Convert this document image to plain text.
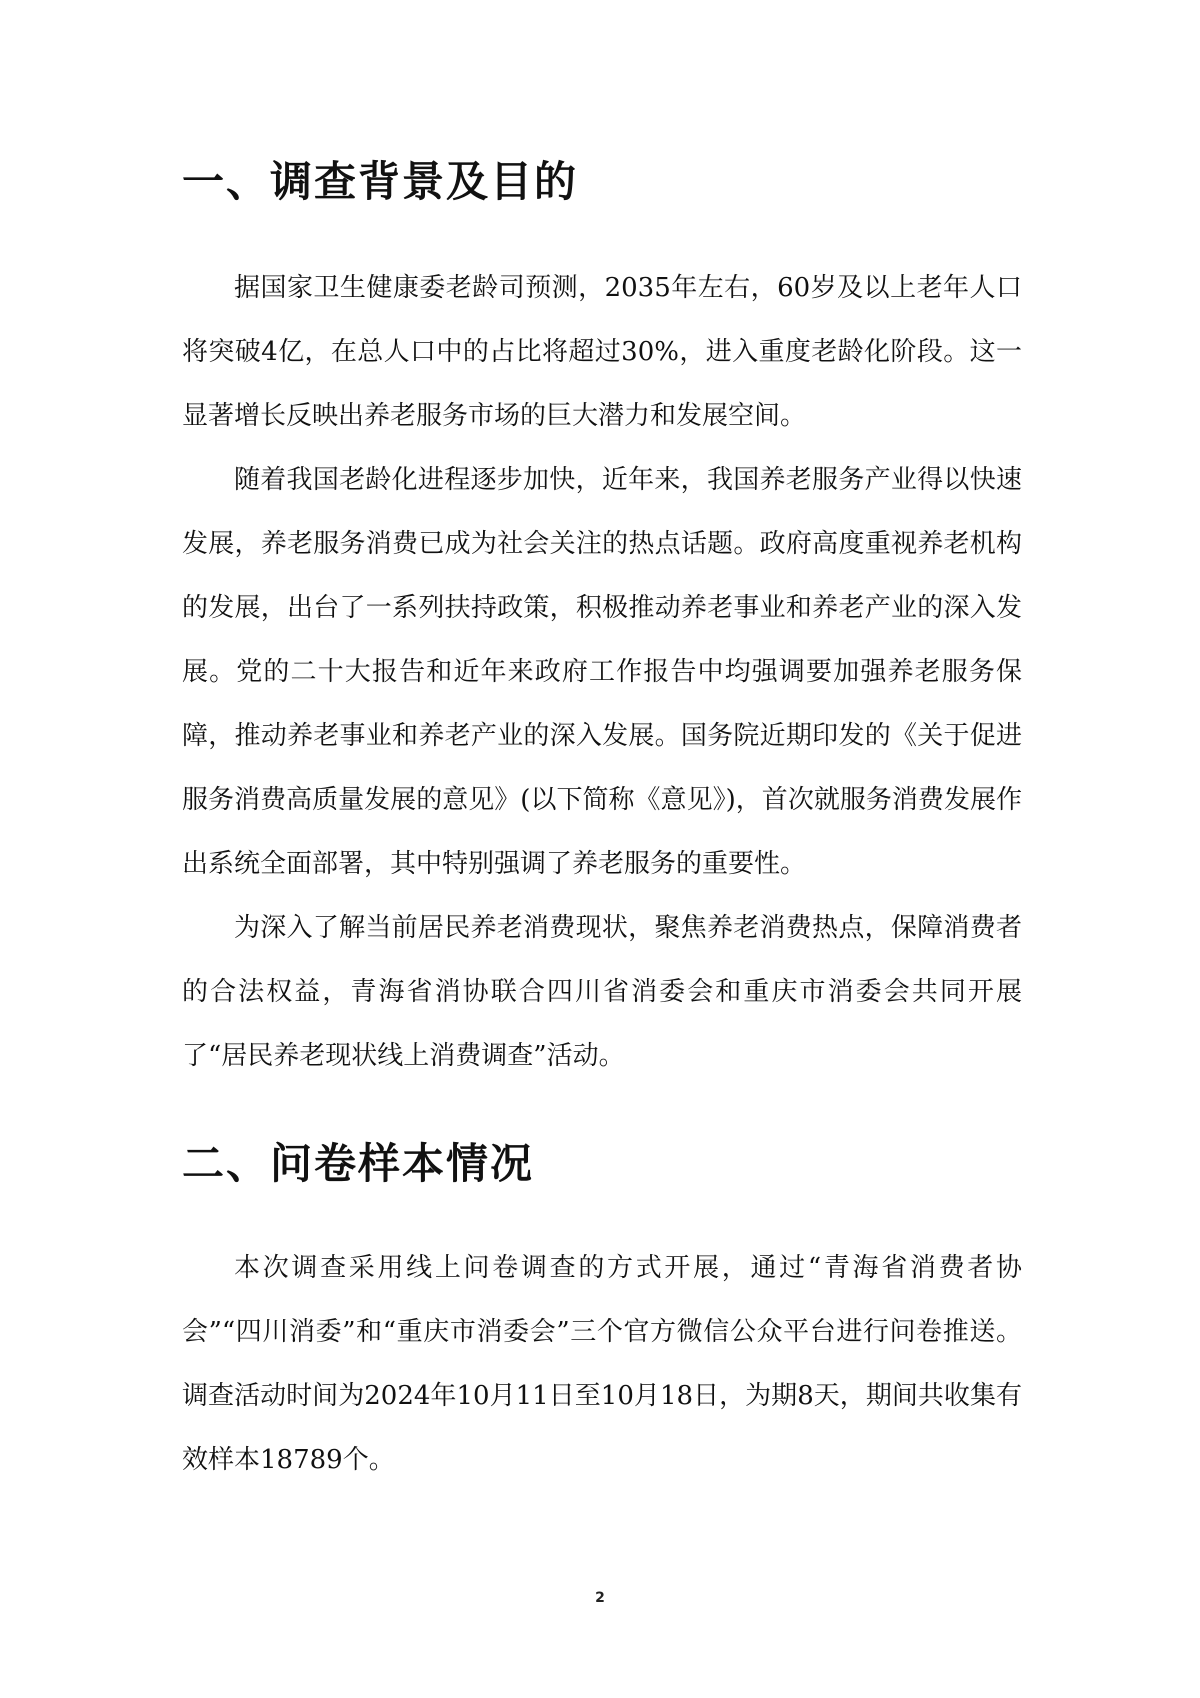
一、调查背景及目的

据国家卫生健康委老龄司预测，2035年左右，60岁及以上老年人口将突破4亿，在总人口中的占比将超过30%，进入重度老龄化阶段。这一显著增长反映出养老服务市场的巨大潜力和发展空间。

随着我国老龄化进程逐步加快，近年来，我国养老服务产业得以快速发展，养老服务消费已成为社会关注的热点话题。政府高度重视养老机构的发展，出台了一系列扶持政策，积极推动养老事业和养老产业的深入发展。党的二十大报告和近年来政府工作报告中均强调要加强养老服务保障，推动养老事业和养老产业的深入发展。国务院近期印发的《关于促进服务消费高质量发展的意见》(以下简称《意见》)，首次就服务消费发展作出系统全面部署，其中特别强调了养老服务的重要性。

为深入了解当前居民养老消费现状，聚焦养老消费热点，保障消费者的合法权益，青海省消协联合四川省消委会和重庆市消委会共同开展了“居民养老现状线上消费调查”活动。

二、问卷样本情况

本次调查采用线上问卷调查的方式开展，通过“青海省消费者协会”“四川消委”和“重庆市消委会”三个官方微信公众平台进行问卷推送。调查活动时间为2024年10月11日至10月18日，为期8天，期间共收集有效样本18789个。

2
